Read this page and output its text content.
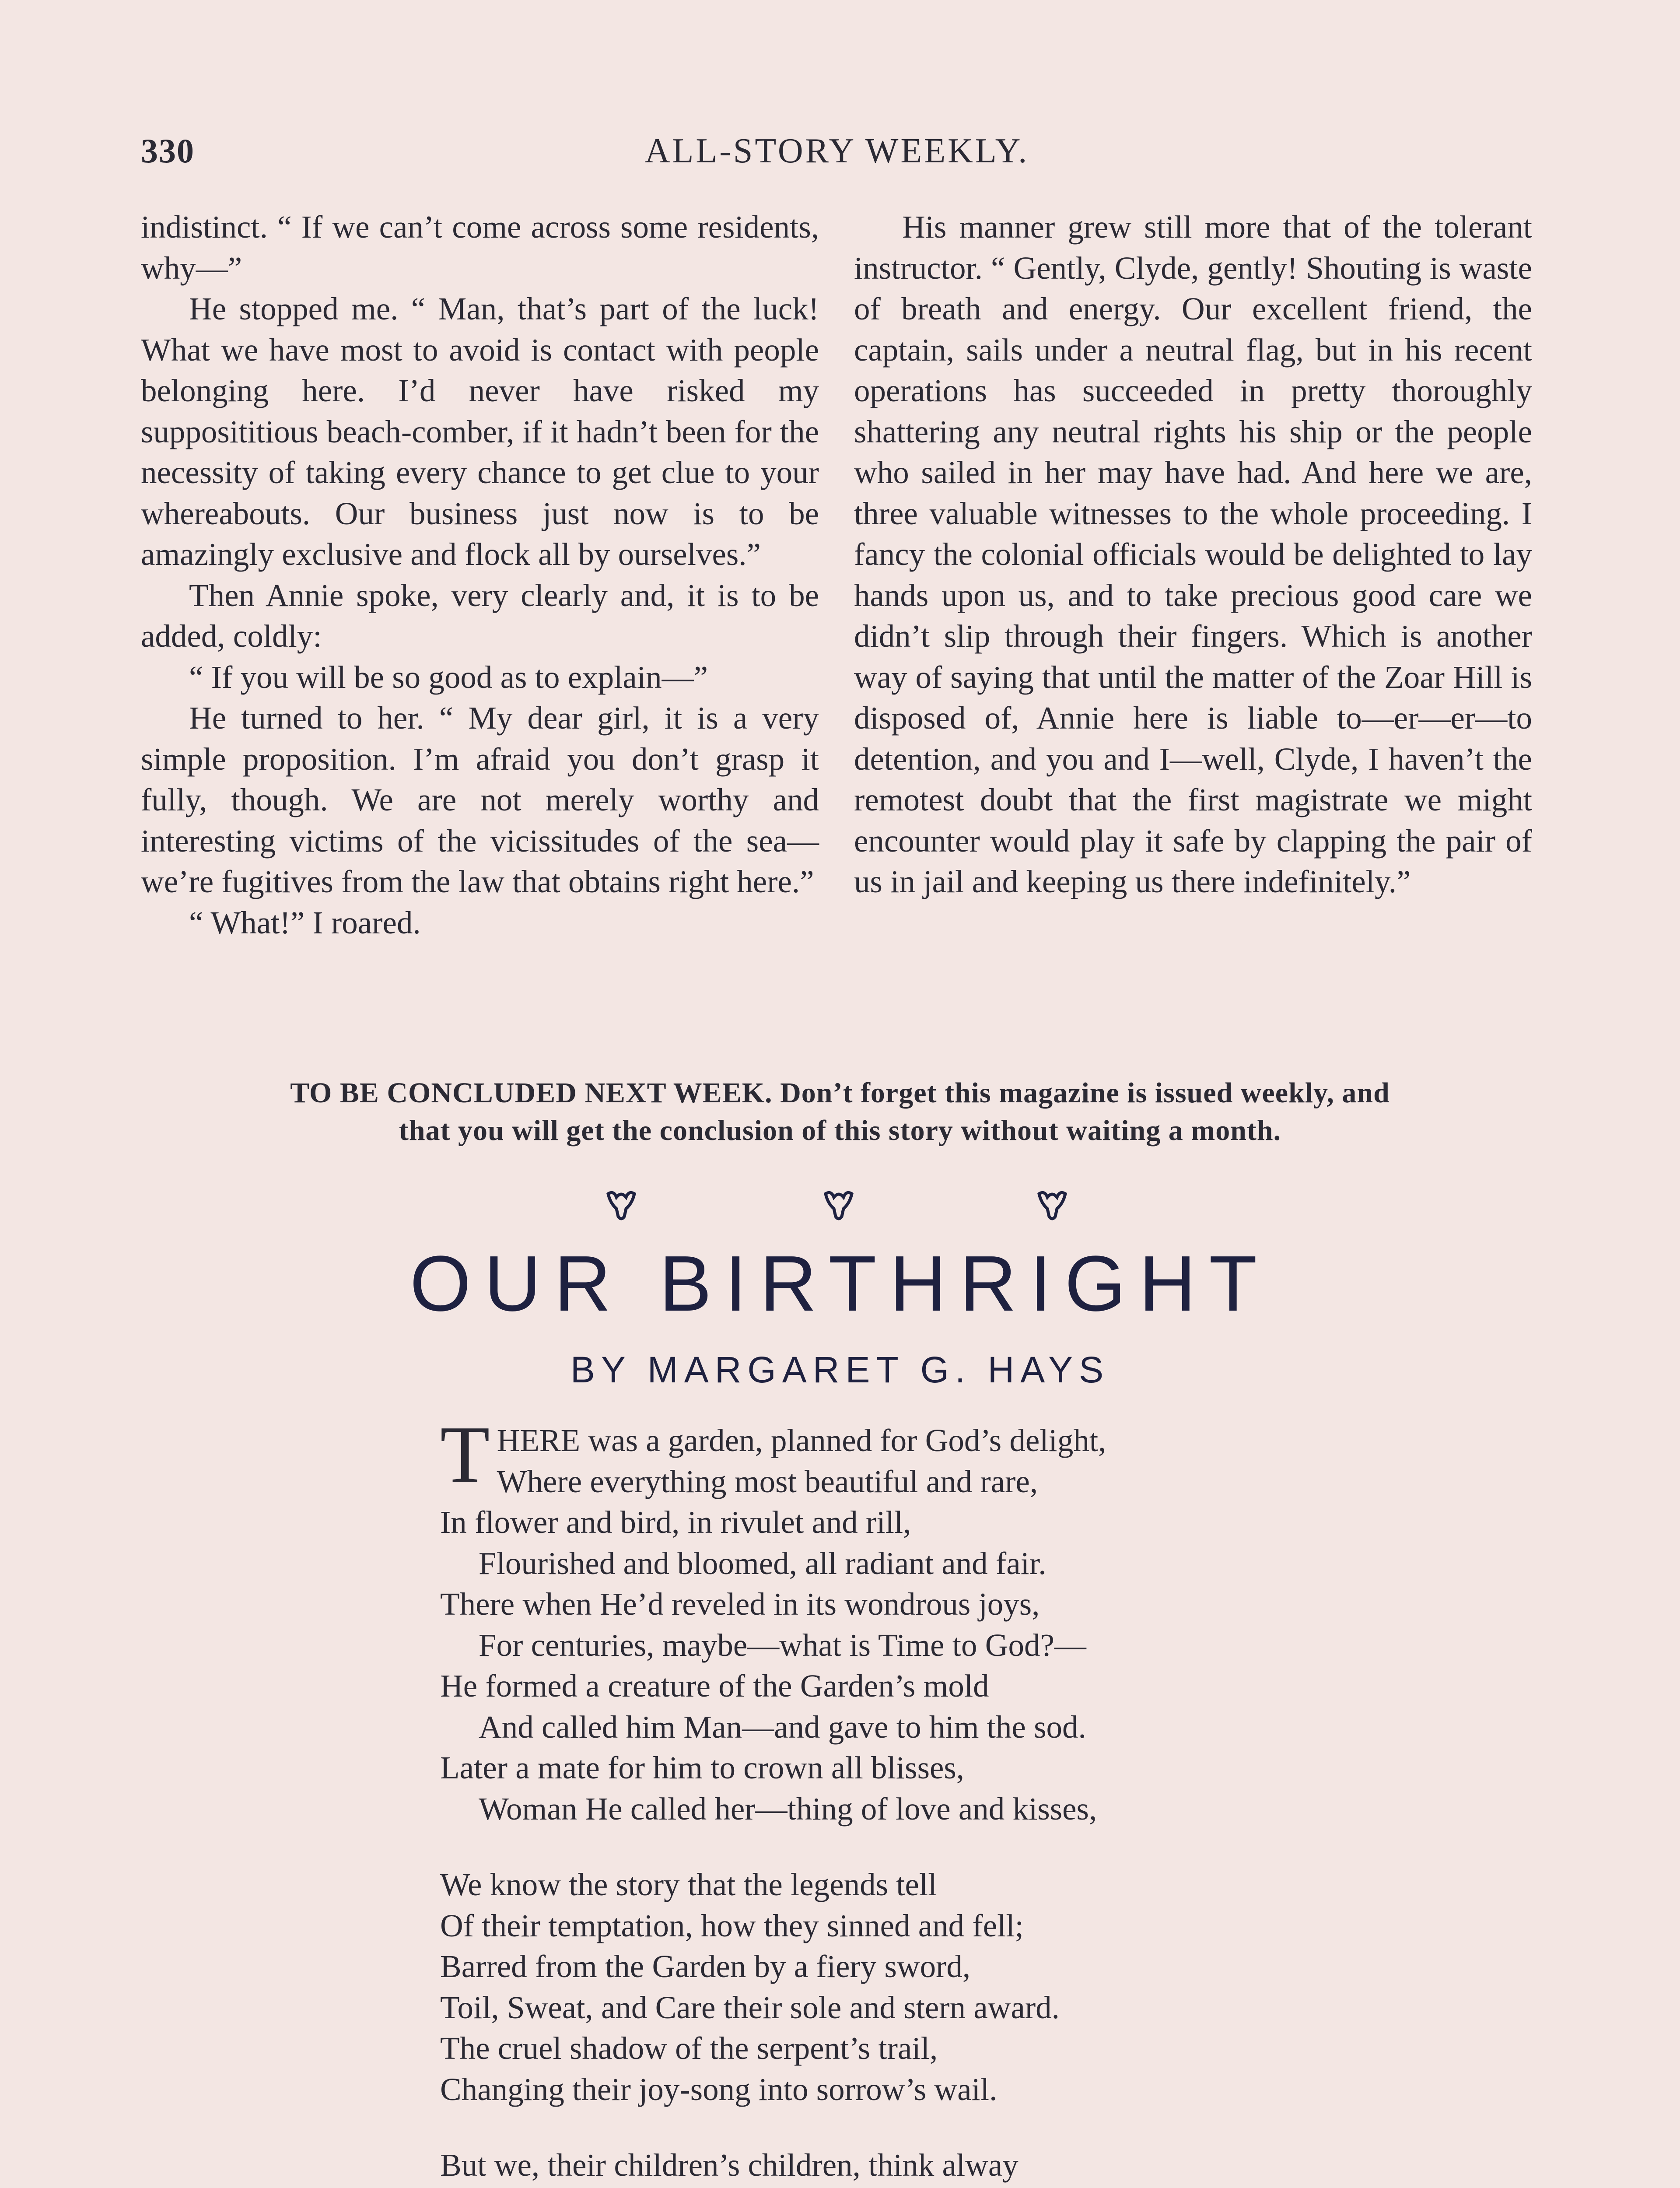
330	ALL-STORY WEEKLY.

indistinct. “ If we can’t come across some residents, why—”

He stopped me. “ Man, that’s part of the luck! What we have most to avoid is contact with people belonging here. I’d never have risked my supposititious beach-comber, if it hadn’t been for the necessity of taking every chance to get clue to your whereabouts. Our business just now is to be amazingly exclusive and flock all by ourselves.”

Then Annie spoke, very clearly and, it is to be added, coldly:

“ If you will be so good as to explain—”

He turned to her. “ My dear girl, it is a very simple proposition. I’m afraid you don’t grasp it fully, though. We are not merely worthy and interesting victims of the vicissitudes of the sea—we’re fugitives from the law that obtains right here.”

“ What!” I roared.

His manner grew still more that of the tolerant instructor. “ Gently, Clyde, gently! Shouting is waste of breath and energy. Our excellent friend, the captain, sails under a neutral flag, but in his recent operations has succeeded in pretty thoroughly shattering any neutral rights his ship or the people who sailed in her may have had. And here we are, three valuable witnesses to the whole proceeding. I fancy the colonial officials would be delighted to lay hands upon us, and to take precious good care we didn’t slip through their fingers. Which is another way of saying that until the matter of the Zoar Hill is disposed of, Annie here is liable to—er—er—to detention, and you and I—well, Clyde, I haven’t the remotest doubt that the first magistrate we might encounter would play it safe by clapping the pair of us in jail and keeping us there indefinitely.”

TO BE CONCLUDED NEXT WEEK. Don’t forget this magazine is issued weekly, and
that you will get the conclusion of this story without waiting a month.
OUR BIRTHRIGHT
BY MARGARET G. HAYS
T HERE was a garden, planned for God’s delight,
Where everything most beautiful and rare,
In flower and bird, in rivulet and rill,
Flourished and bloomed, all radiant and fair.
There when He’d reveled in its wondrous joys,
For centuries, maybe—what is Time to God?—
He formed a creature of the Garden’s mold
And called him Man—and gave to him the sod.
Later a mate for him to crown all blisses,
Woman He called her—thing of love and kisses,
We know the story that the legends tell
Of their temptation, how they sinned and fell;
Barred from the Garden by a fiery sword,
Toil, Sweat, and Care their sole and stern award.
The cruel shadow of the serpent’s trail,
Changing their joy-song into sorrow’s wail.
But we, their children’s children, think alway
